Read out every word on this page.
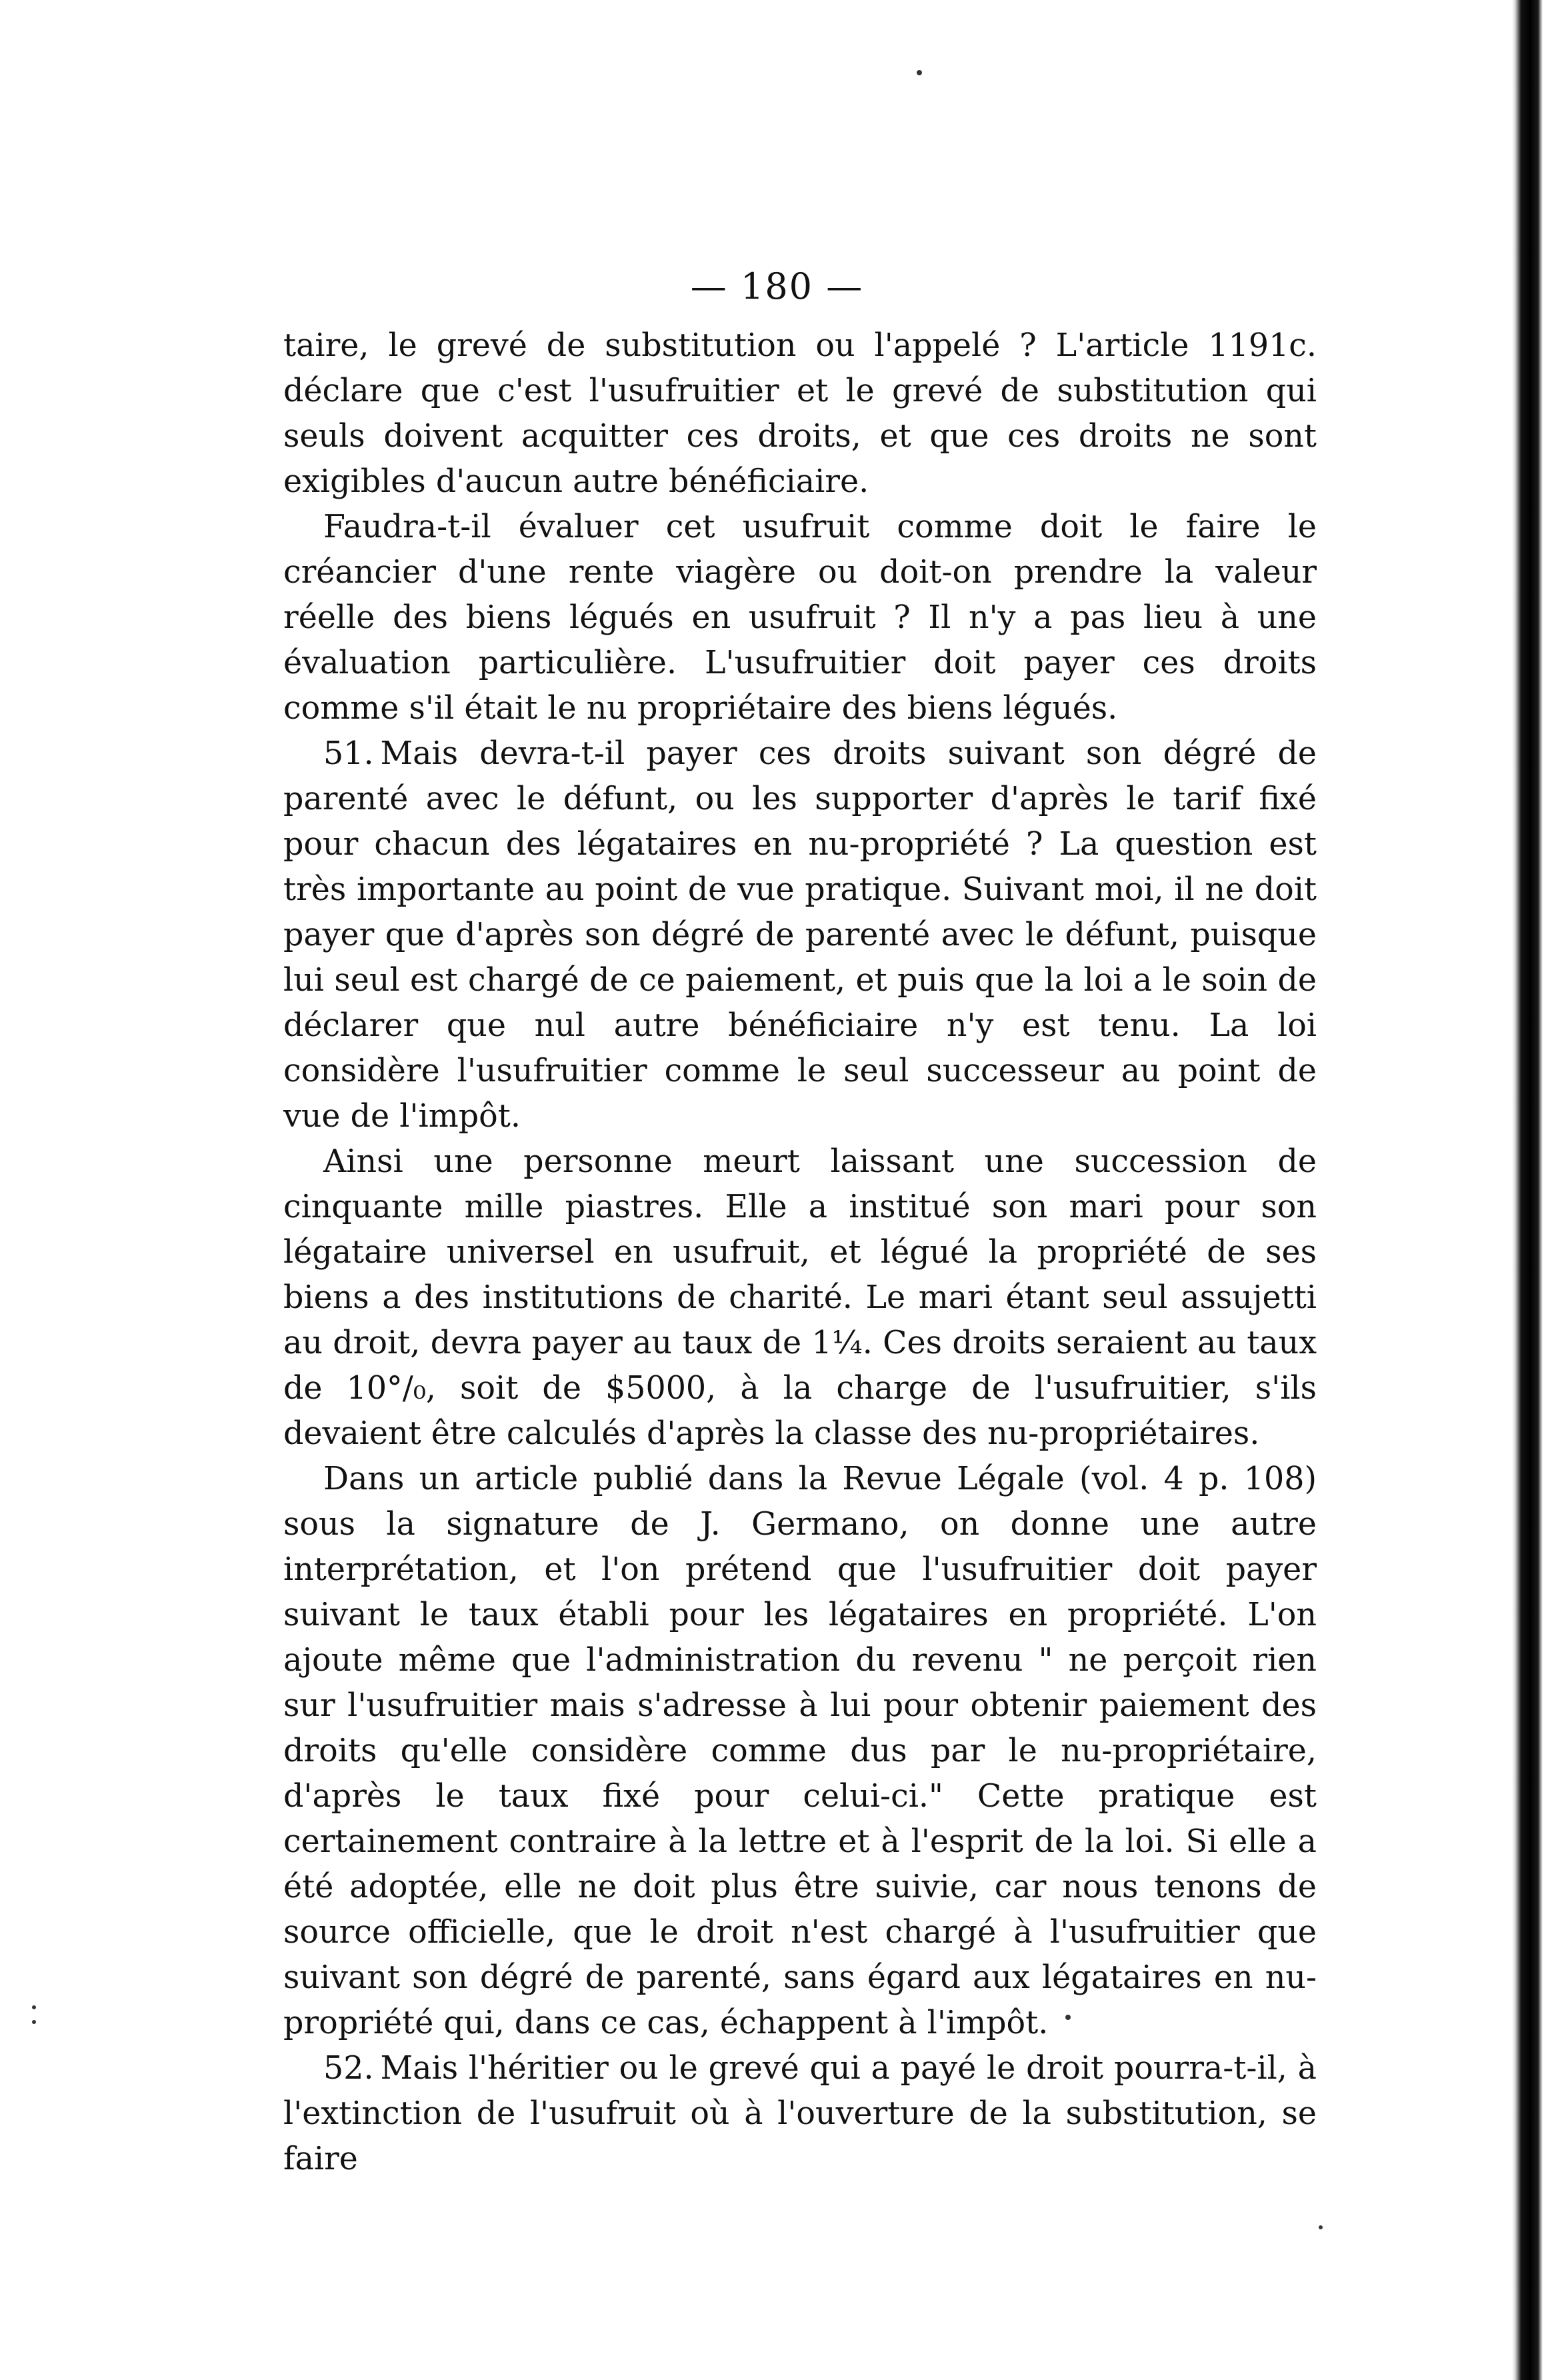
— 180 —

taire, le grevé de substitution ou l'appelé ? L'article 1191c. déclare que c'est l'usufruitier et le grevé de substitution qui seuls doivent acquitter ces droits, et que ces droits ne sont exigibles d'aucun autre bénéficiaire.

Faudra-t-il évaluer cet usufruit comme doit le faire le créancier d'une rente viagère ou doit-on prendre la valeur réelle des biens légués en usufruit ? Il n'y a pas lieu à une évaluation particulière. L'usufruitier doit payer ces droits comme s'il était le nu propriétaire des biens légués.

51. Mais devra-t-il payer ces droits suivant son dégré de parenté avec le défunt, ou les supporter d'après le tarif fixé pour chacun des légataires en nu-propriété ? La question est très importante au point de vue pratique. Suivant moi, il ne doit payer que d'après son dégré de parenté avec le défunt, puisque lui seul est chargé de ce paiement, et puis que la loi a le soin de déclarer que nul autre bénéficiaire n'y est tenu. La loi considère l'usufruitier comme le seul successeur au point de vue de l'impôt.

Ainsi une personne meurt laissant une succession de cinquante mille piastres. Elle a institué son mari pour son légataire universel en usufruit, et légué la propriété de ses biens a des institutions de charité. Le mari étant seul assujetti au droit, devra payer au taux de 1¼. Ces droits seraient au taux de 10°/₀, soit de $5000, à la charge de l'usufruitier, s'ils devaient être calculés d'après la classe des nu-propriétaires.

Dans un article publié dans la Revue Légale (vol. 4 p. 108) sous la signature de J. Germano, on donne une autre interprétation, et l'on prétend que l'usufruitier doit payer suivant le taux établi pour les légataires en propriété. L'on ajoute même que l'administration du revenu " ne perçoit rien sur l'usufruitier mais s'adresse à lui pour obtenir paiement des droits qu'elle considère comme dus par le nu-propriétaire, d'après le taux fixé pour celui-ci." Cette pratique est certainement contraire à la lettre et à l'esprit de la loi. Si elle a été adoptée, elle ne doit plus être suivie, car nous tenons de source officielle, que le droit n'est chargé à l'usufruitier que suivant son dégré de parenté, sans égard aux légataires en nu-propriété qui, dans ce cas, échappent à l'impôt.

52. Mais l'héritier ou le grevé qui a payé le droit pourra-t-il, à l'extinction de l'usufruit où à l'ouverture de la substitution, se faire
